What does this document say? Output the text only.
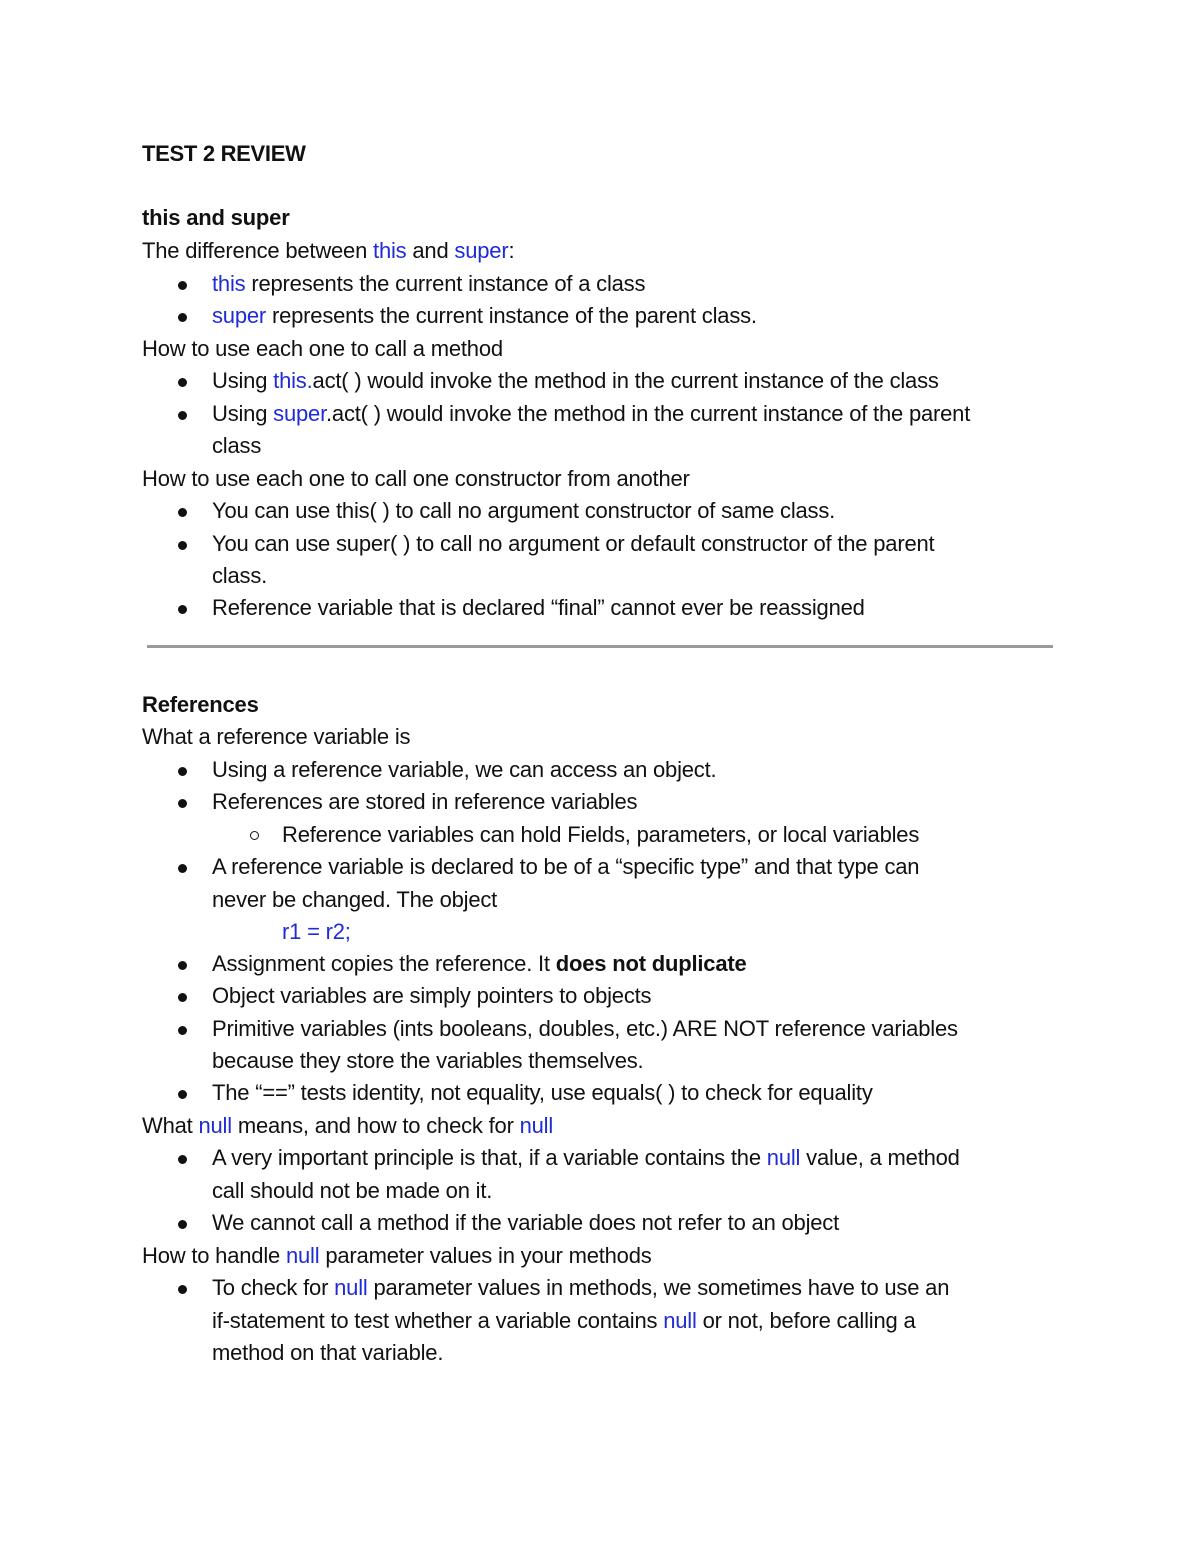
TEST 2 REVIEW
this and super
The difference between this and super:
this represents the current instance of a class
super represents the current instance of the parent class.
How to use each one to call a method
Using this.act( ) would invoke the method in the current instance of the class
Using super.act( ) would invoke the method in the current instance of the parent
class
How to use each one to call one constructor from another
You can use this( ) to call no argument constructor of same class.
You can use super( ) to call no argument or default constructor of the parent
class.
Reference variable that is declared “final” cannot ever be reassigned
References
What a reference variable is
Using a reference variable, we can access an object.
References are stored in reference variables
Reference variables can hold Fields, parameters, or local variables
A reference variable is declared to be of a “specific type” and that type can
never be changed. The object
r1 = r2;
Assignment copies the reference. It does not duplicate
Object variables are simply pointers to objects
Primitive variables (ints booleans, doubles, etc.) ARE NOT reference variables
because they store the variables themselves.
The “==” tests identity, not equality, use equals( ) to check for equality
What null means, and how to check for null
A very important principle is that, if a variable contains the null value, a method
call should not be made on it.
We cannot call a method if the variable does not refer to an object
How to handle null parameter values in your methods
To check for null parameter values in methods, we sometimes have to use an
if-statement to test whether a variable contains null or not, before calling a
method on that variable.
